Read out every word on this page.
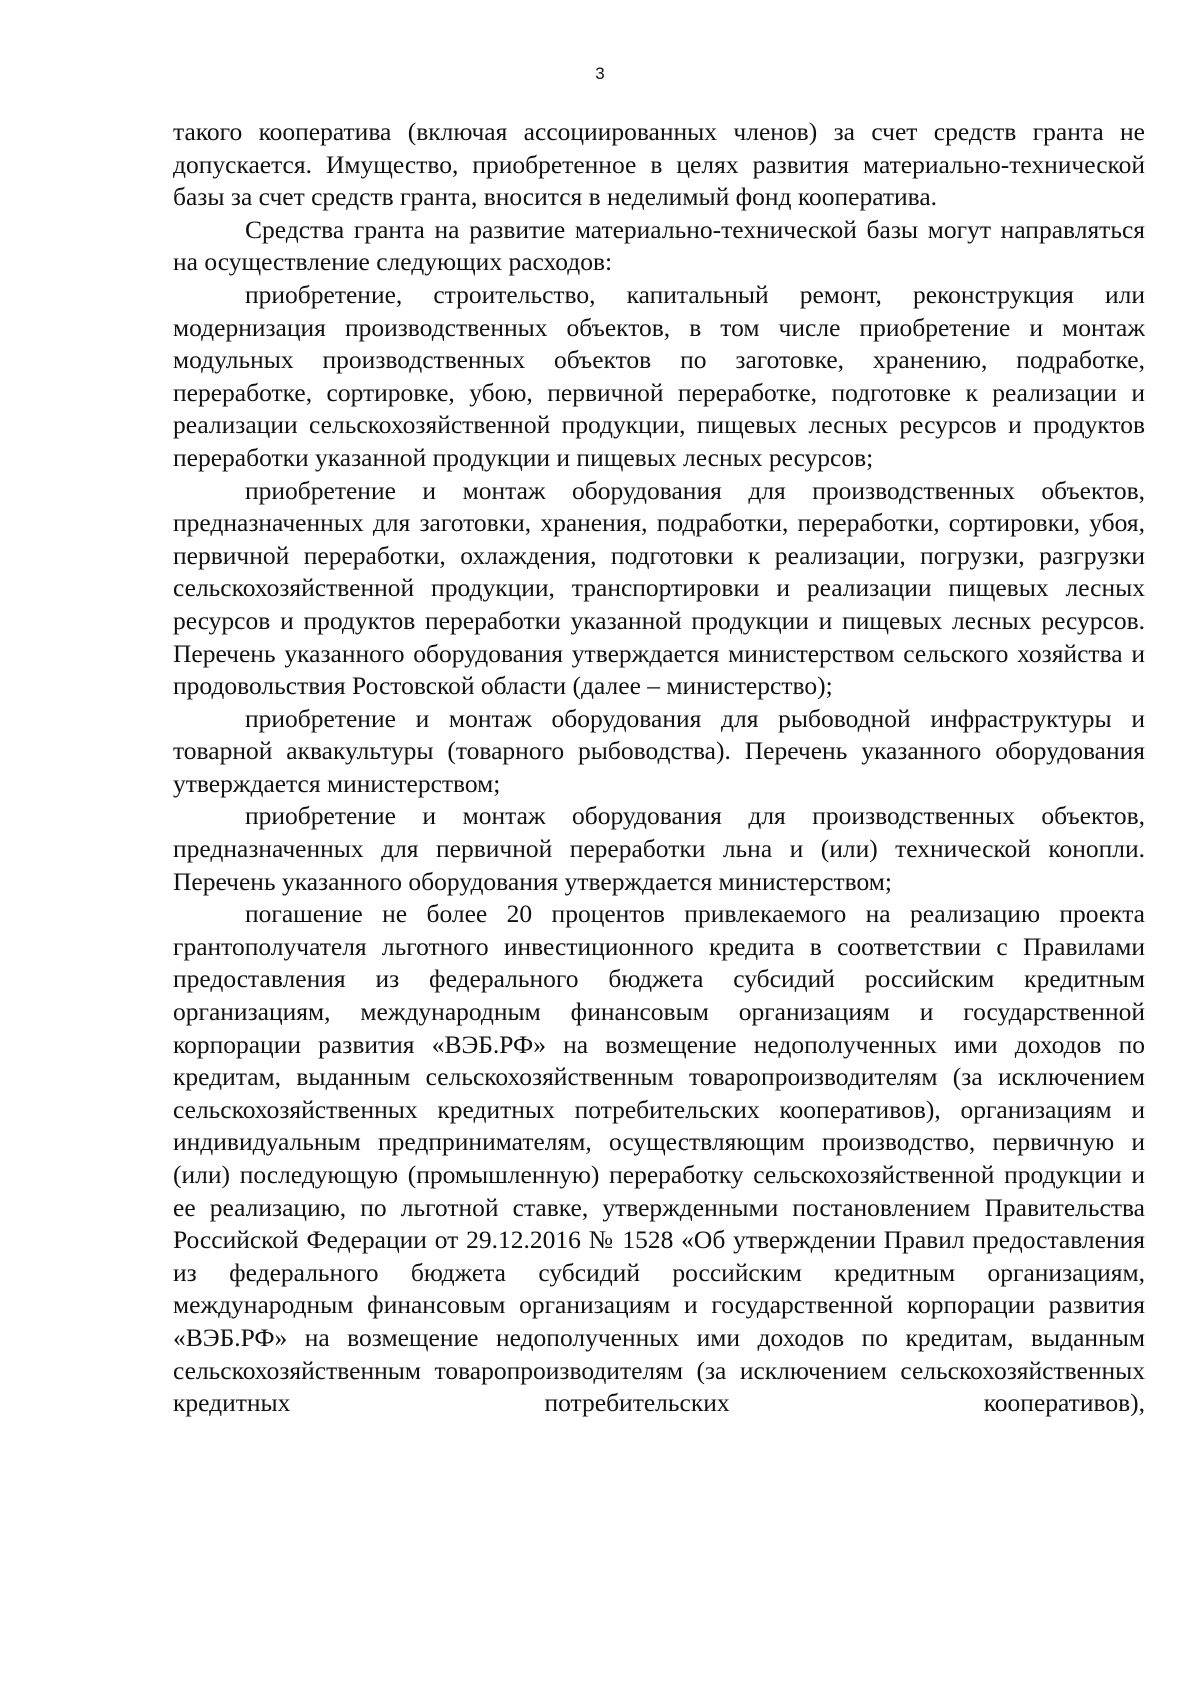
3

такого кооператива (включая ассоциированных членов) за счет средств гранта не допускается. Имущество, приобретенное в целях развития материально-технической базы за счет средств гранта, вносится в неделимый фонд кооператива.

Средства гранта на развитие материально-технической базы могут направляться на осуществление следующих расходов:

приобретение, строительство, капитальный ремонт, реконструкция или модернизация производственных объектов, в том числе приобретение и монтаж модульных производственных объектов по заготовке, хранению, подработке, переработке, сортировке, убою, первичной переработке, подготовке к реализации и реализации сельскохозяйственной продукции, пищевых лесных ресурсов и продуктов переработки указанной продукции и пищевых лесных ресурсов;

приобретение и монтаж оборудования для производственных объектов, предназначенных для заготовки, хранения, подработки, переработки, сортировки, убоя, первичной переработки, охлаждения, подготовки к реализации, погрузки, разгрузки сельскохозяйственной продукции, транспортировки и реализации пищевых лесных ресурсов и продуктов переработки указанной продукции и пищевых лесных ресурсов. Перечень указанного оборудования утверждается министерством сельского хозяйства и продовольствия Ростовской области (далее – министерство);

приобретение и монтаж оборудования для рыбоводной инфраструктуры и товарной аквакультуры (товарного рыбоводства). Перечень указанного оборудования утверждается министерством;

приобретение и монтаж оборудования для производственных объектов, предназначенных для первичной переработки льна и (или) технической конопли. Перечень указанного оборудования утверждается министерством;

погашение не более 20 процентов привлекаемого на реализацию проекта грантополучателя льготного инвестиционного кредита в соответствии с Правилами предоставления из федерального бюджета субсидий российским кредитным организациям, международным финансовым организациям и государственной корпорации развития «ВЭБ.РФ» на возмещение недополученных ими доходов по кредитам, выданным сельскохозяйственным товаропроизводителям (за исключением сельскохозяйственных кредитных потребительских кооперативов), организациям и индивидуальным предпринимателям, осуществляющим производство, первичную и (или) последующую (промышленную) переработку сельскохозяйственной продукции и ее реализацию, по льготной ставке, утвержденными постановлением Правительства Российской Федерации от 29.12.2016 № 1528 «Об утверждении Правил предоставления из федерального бюджета субсидий российским кредитным организациям, международным финансовым организациям и государственной корпорации развития «ВЭБ.РФ» на возмещение недополученных ими доходов по кредитам, выданным сельскохозяйственным товаропроизводителям (за исключением сельскохозяйственных кредитных потребительских кооперативов),
